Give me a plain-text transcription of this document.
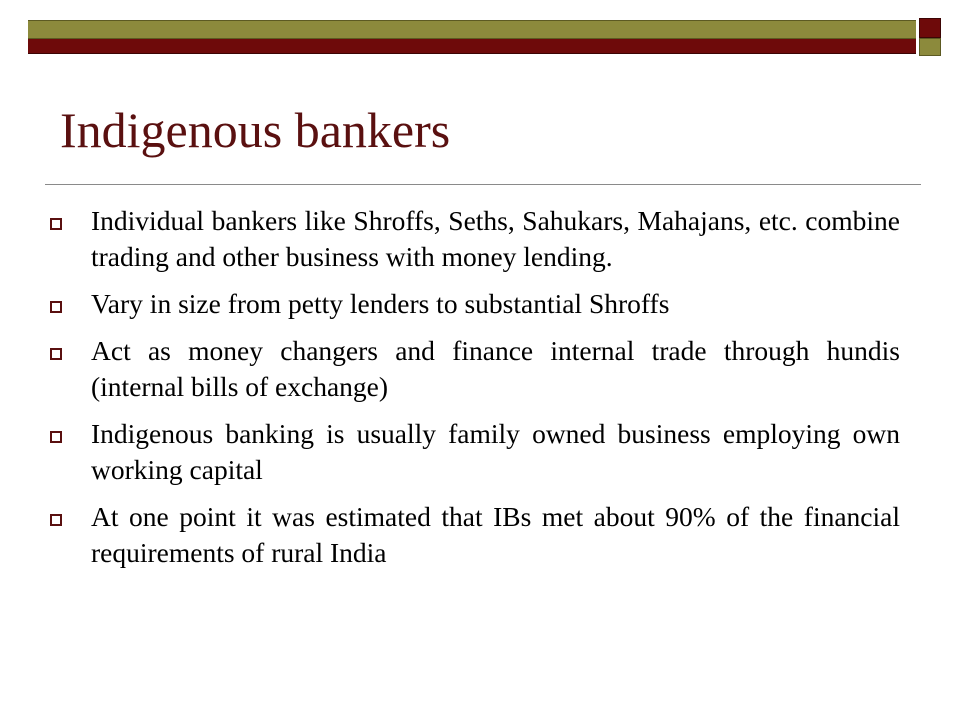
Indigenous bankers
Individual bankers like Shroffs, Seths, Sahukars, Mahajans, etc. combine trading and other business with money lending.
Vary in size from petty lenders to substantial Shroffs
Act as money changers and finance internal trade through hundis (internal bills of exchange)
Indigenous banking is usually family owned business employing own working capital
At one point it was estimated that IBs met about 90% of the financial requirements of rural India
